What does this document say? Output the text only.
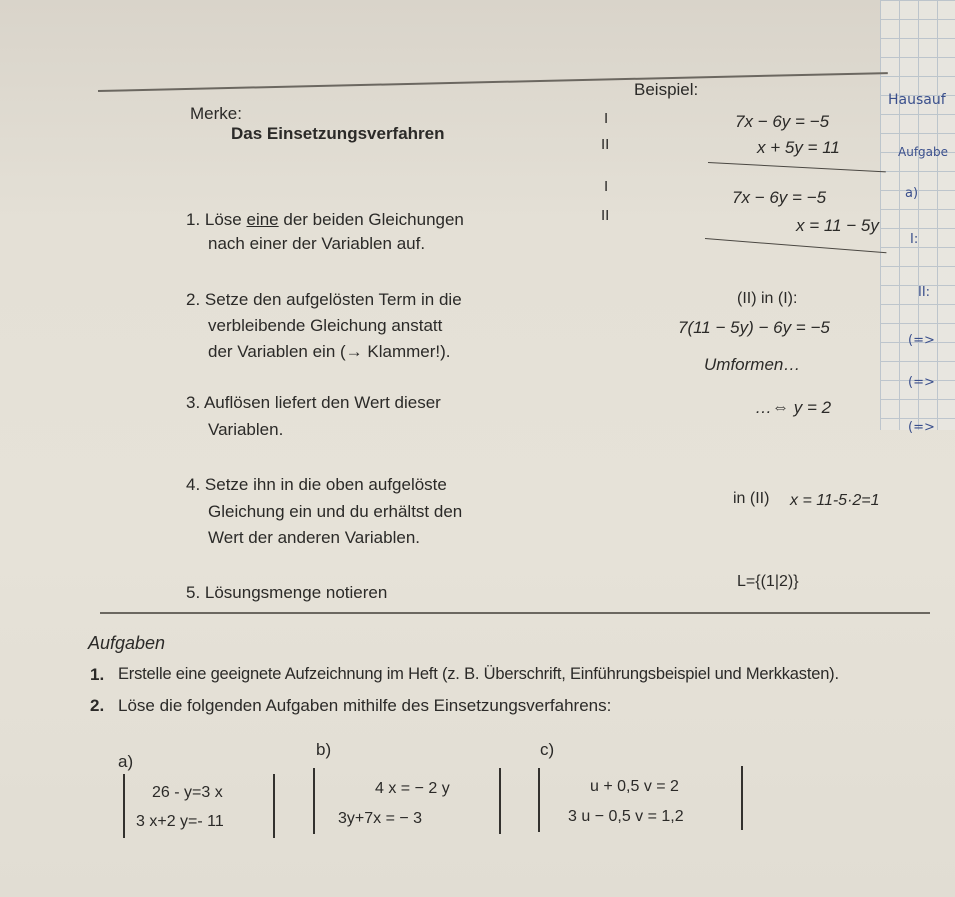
Hausauf
Aufgabe
a)
I:
II:
(=>
(=>
(=>
Merke:
Das Einsetzungsverfahren
1. Löse eine der beiden Gleichungen
nach einer der Variablen auf.
2. Setze den aufgelösten Term in die
verbleibende Gleichung anstatt
der Variablen ein (→ Klammer!).
3. Auflösen liefert den Wert dieser
Variablen.
4. Setze ihn in die oben aufgelöste
Gleichung ein und du erhältst den
Wert der anderen Variablen.
5. Lösungsmenge notieren
Beispiel:
I
II
7x − 6y = −5
x + 5y = 11
I
II
7x − 6y = −5
x = 11 − 5y
(II) in (I):
7(11 − 5y) − 6y = −5
Umformen…
…⇔ y = 2
in (II) x = 11-5·2=1
L={(1|2)}
Aufgaben
1. Erstelle eine geeignete Aufzeichnung im Heft (z. B. Überschrift, Einführungsbeispiel und Merkkasten).
2. Löse die folgenden Aufgaben mithilfe des Einsetzungsverfahrens:
a)
26 - y=3 x
3 x+2 y=- 11
b)
4 x = − 2 y
3y+7x = − 3
c)
u + 0,5 v = 2
3 u − 0,5 v = 1,2
